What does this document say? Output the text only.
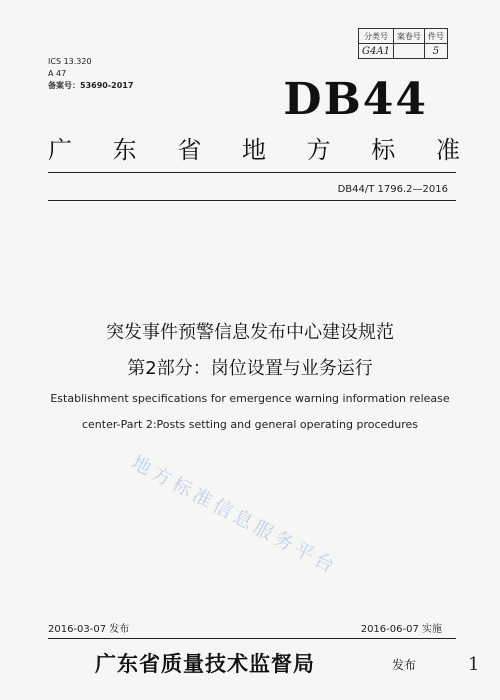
ICS 13.320
A 47
备案号：53690-2017
分类号	案卷号	件号
G4A1		5
DB44
广 东 省 地 方 标 准
DB44/T 1796.2—2016
突发事件预警信息发布中心建设规范
第2部分：岗位设置与业务运行
Establishment specifications for emergence warning information release
center-Part 2:Posts setting and general operating procedures
地方标准信息服务平台
2016-03-07 发布	2016-06-07 实施
广东省质量技术监督局	发布	1
